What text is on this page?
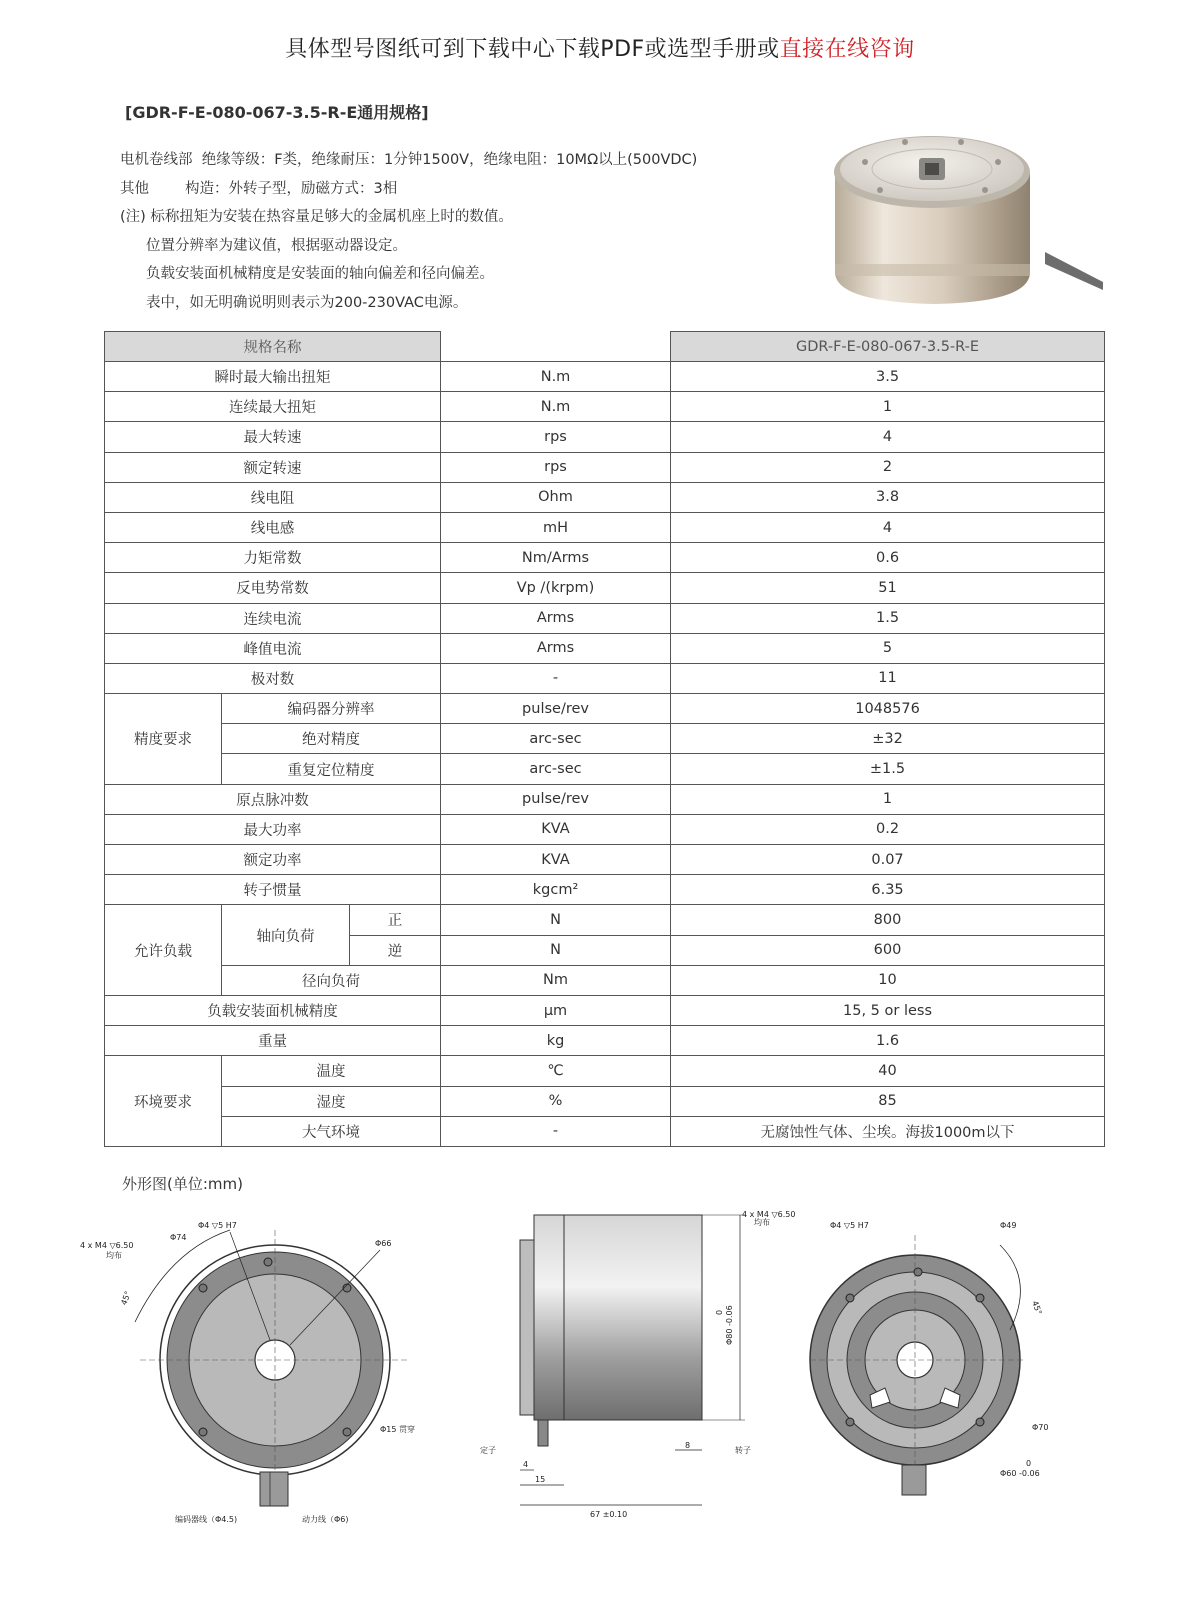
具体型号图纸可到下载中心下载PDF或选型手册或直接在线咨询
[GDR-F-E-080-067-3.5-R-E通用规格]
电机卷线部 绝缘等级：F类，绝缘耐压：1分钟1500V，绝缘电阻：10MΩ以上(500VDC)
其他 构造：外转子型，励磁方式：3相
(注) 标称扭矩为安装在热容量足够大的金属机座上时的数值。
位置分辨率为建议值，根据驱动器设定。
负载安装面机械精度是安装面的轴向偏差和径向偏差。
表中，如无明确说明则表示为200-230VAC电源。
规格名称				GDR-F-E-080-067-3.5-R-E
瞬时最大输出扭矩			N.m	3.5
连续最大扭矩			N.m	1
最大转速			rps	4
额定转速			rps	2
线电阻			Ohm	3.8
线电感			mH	4
力矩常数			Nm/Arms	0.6
反电势常数			Vp /(krpm)	51
连续电流			Arms	1.5
峰值电流			Arms	5
极对数			-	11
精度要求	编码器分辨率		pulse/rev	1048576
	绝对精度		arc-sec	±32
	重复定位精度		arc-sec	±1.5
原点脉冲数			pulse/rev	1
最大功率			KVA	0.2
额定功率			KVA	0.07
转子惯量			kgcm²	6.35
允许负载	轴向负荷	正	N	800
		逆	N	600
	径向负荷		Nm	10
负载安装面机械精度			μm	15, 5 or less
重量			kg	1.6
环境要求	温度		℃	40
	湿度		%	85
	大气环境		-	无腐蚀性气体、尘埃。海拔1000m以下
外形图(单位:mm)
Φ4 ▽5 H7
Φ74
4 x M4 ▽6.50
均布
Φ66
45°
Φ15 贯穿
编码器线（Φ4.5)	动力线（Φ6)
4 x M4 ▽6.50
均布
Φ80 -0.06
0
定子	转子
4
15
8
67 ±0.10
Φ4 ▽5 H7	Φ49
45°
Φ70
0
Φ60 -0.06
